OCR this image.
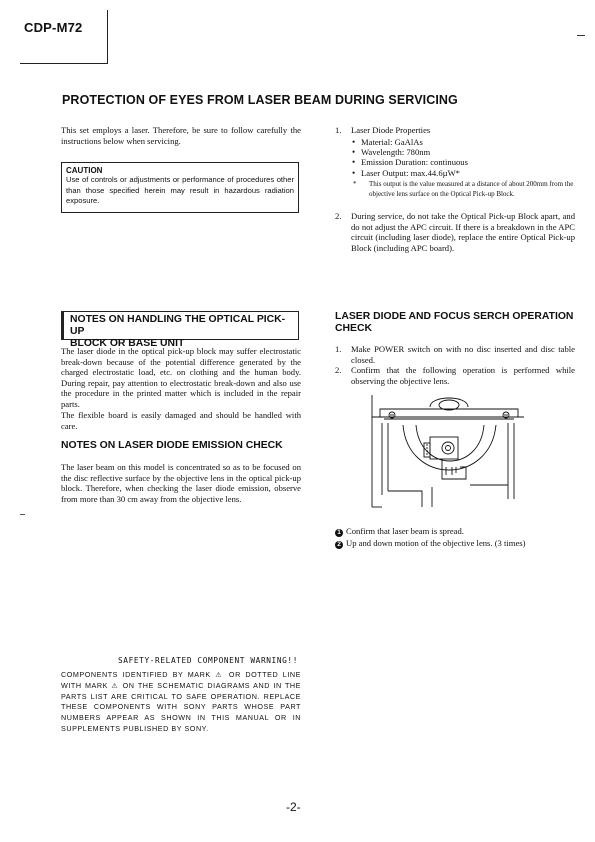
CDP-M72
PROTECTION OF EYES FROM LASER BEAM DURING SERVICING
This set employs a laser. Therefore, be sure to follow carefully the instructions below when servicing.
CAUTION
Use of controls or adjustments or performance of procedures other than those specified herein may result in hazardous radiation exposure.
1. Laser Diode Properties
• Material: GaAlAs
• Wavelength: 780nm
• Emission Duration: continuous
• Laser Output: max.44.6µW*
* This output is the value measured at a distance of about 200mm from the objective lens surface on the Optical Pick-up Block.
2. During service, do not take the Optical Pick-up Block apart, and do not adjust the APC circuit. If there is a breakdown in the APC circuit (including laser diode), replace the entire Optical Pick-up Block (including APC board).
NOTES ON HANDLING THE OPTICAL PICK-UP
BLOCK OR BASE UNIT
The laser diode in the optical pick-up block may suffer electrostatic break-down because of the potential difference generated by the charged electrostatic load, etc. on clothing and the human body. During repair, pay attention to electrostatic break-down and also use the procedure in the printed matter which is included in the repair parts.
The flexible board is easily damaged and should be handled with care.
NOTES ON LASER DIODE EMISSION CHECK
The laser beam on this model is concentrated so as to be focused on the disc reflective surface by the objective lens in the optical pick-up block. Therefore, when checking the laser diode emission, observe from more than 30 cm away from the objective lens.
LASER DIODE AND FOCUS SERCH OPERATION
CHECK
1. Make POWER switch on with no disc inserted and disc table closed.
2. Confirm that the following operation is performed while observing the objective lens.
1 Confirm that laser beam is spread.
2 Up and down motion of the objective lens. (3 times)
SAFETY-RELATED COMPONENT WARNING!!
COMPONENTS IDENTIFIED BY MARK ⚠ OR DOTTED LINE WITH MARK ⚠ ON THE SCHEMATIC DIAGRAMS AND IN THE PARTS LIST ARE CRITICAL TO SAFE OPERATION. REPLACE THESE COMPONENTS WITH SONY PARTS WHOSE PART NUMBERS APPEAR AS SHOWN IN THIS MANUAL OR IN SUPPLEMENTS PUBLISHED BY SONY.
-2-
